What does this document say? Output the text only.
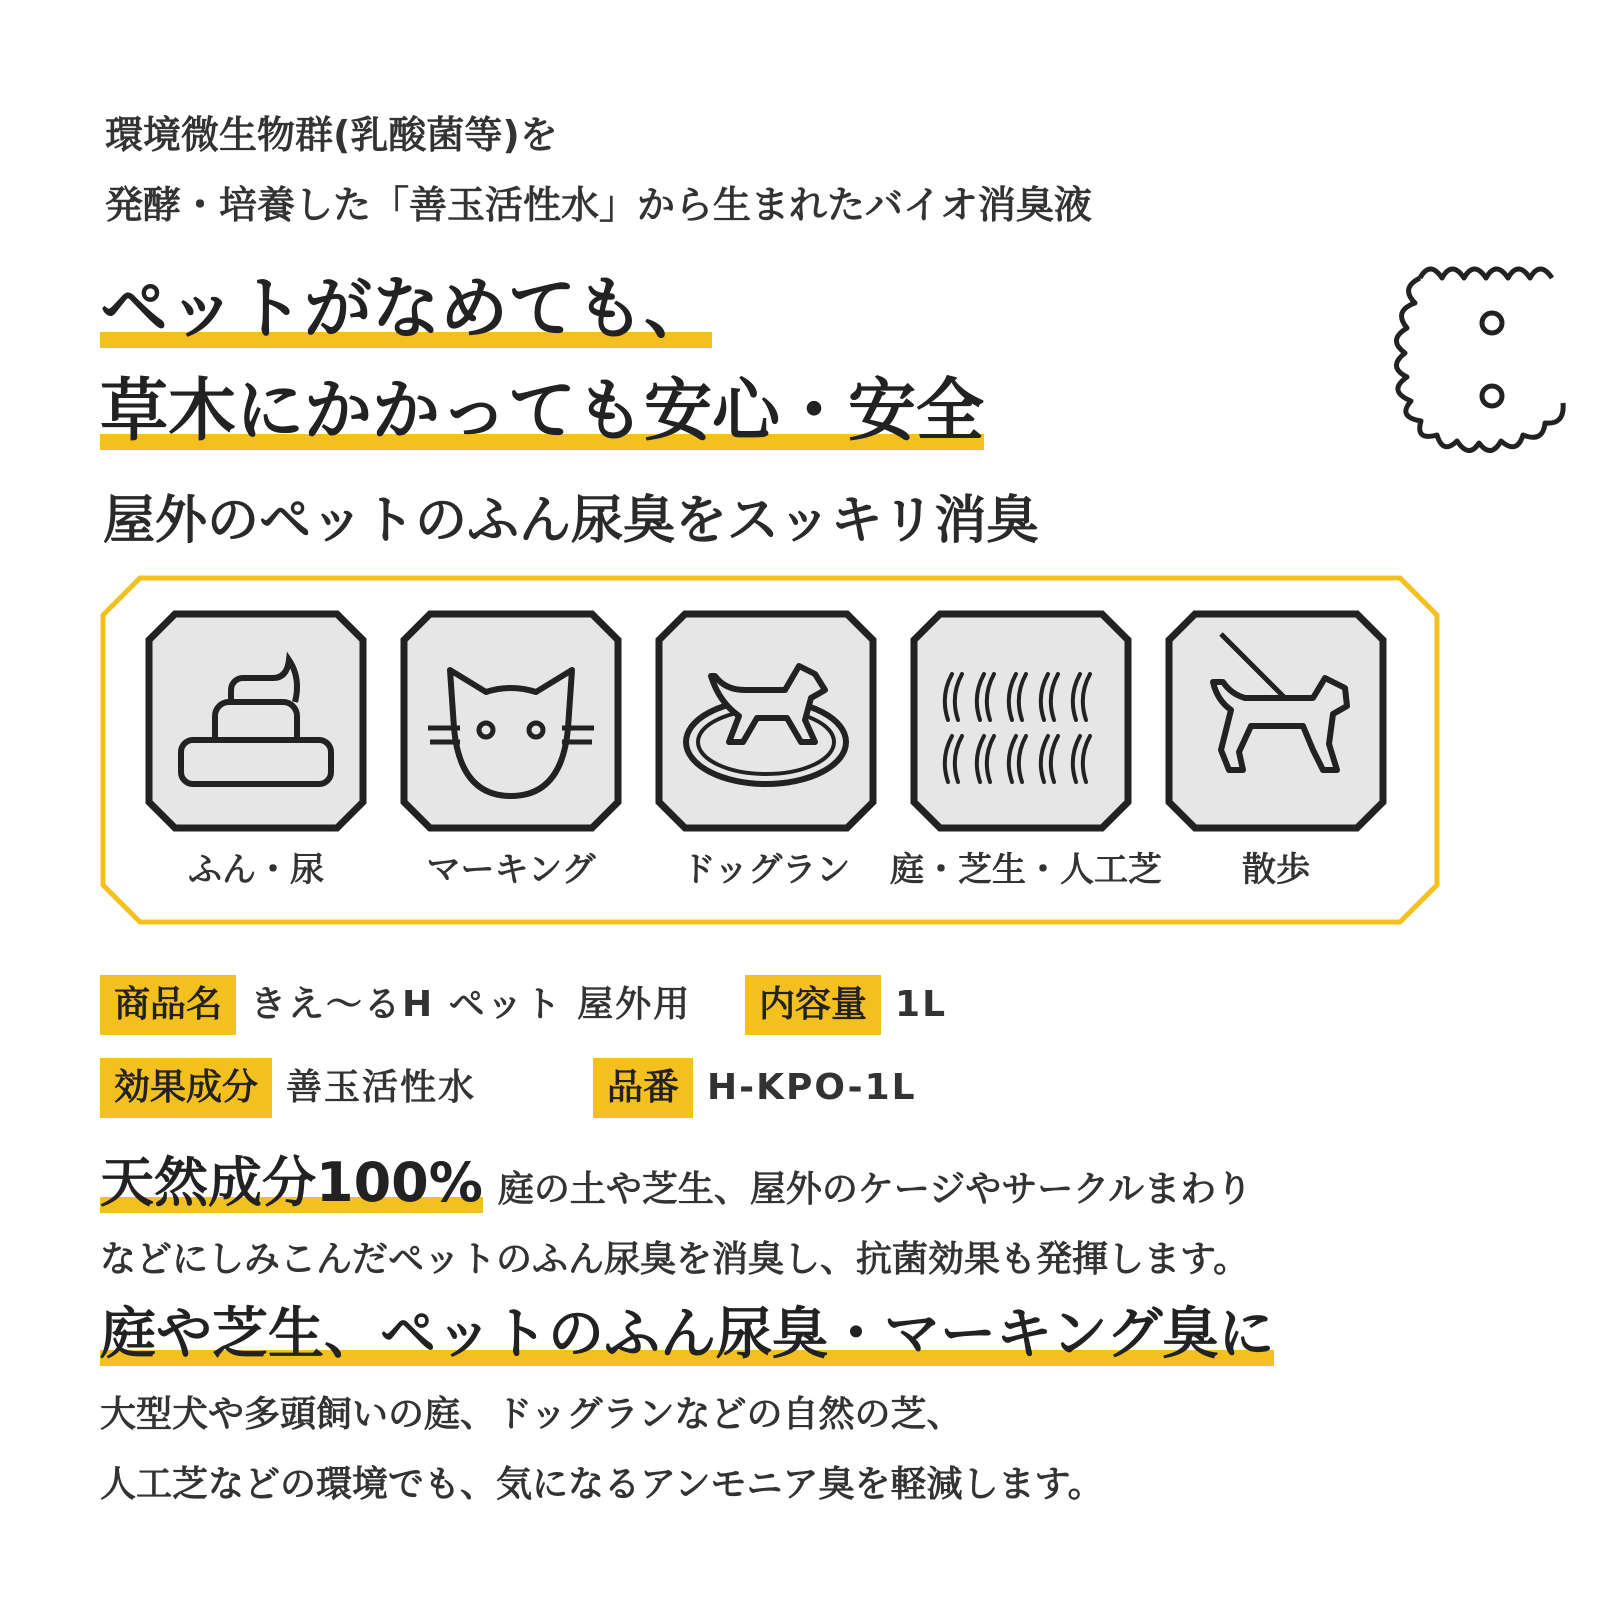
環境微生物群(乳酸菌等)を
発酵・培養した「善玉活性水」から生まれたバイオ消臭液
ペットがなめても、
草木にかかっても安心・安全
屋外のペットのふん尿臭をスッキリ消臭
ふん・尿	マーキング	ドッグラン	庭・芝生・人工芝	散歩
商品名 きえ〜るH ペット 屋外用	内容量 1L
効果成分 善玉活性水	品番 H-KPO-1L
天然成分100% 庭の土や芝生、屋外のケージやサークルまわり
などにしみこんだペットのふん尿臭を消臭し、抗菌効果も発揮します。
庭や芝生、ペットのふん尿臭・マーキング臭に
大型犬や多頭飼いの庭、ドッグランなどの自然の芝、
人工芝などの環境でも、気になるアンモニア臭を軽減します。
